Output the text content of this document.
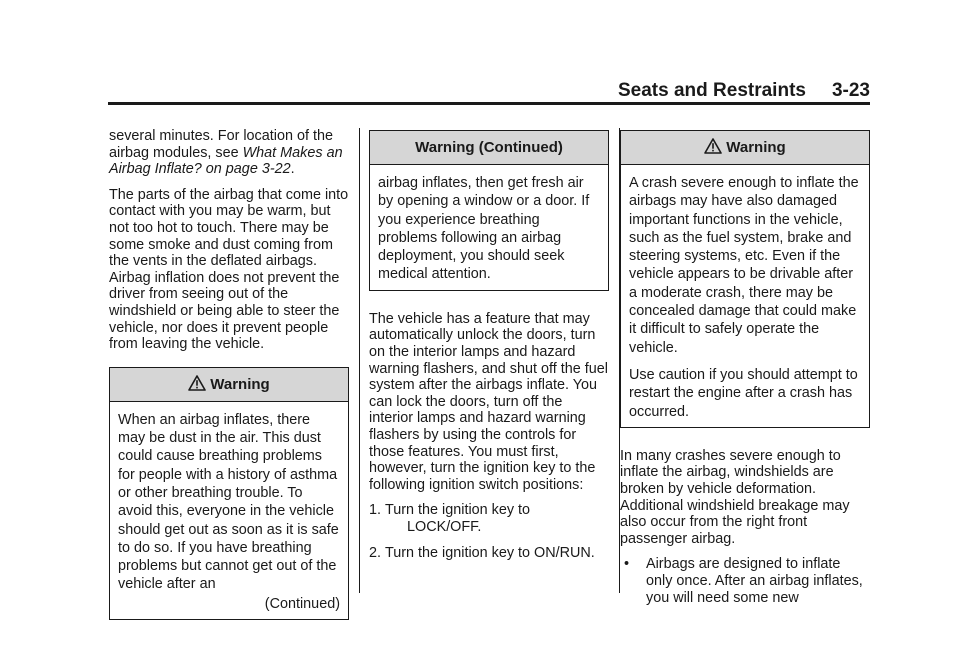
Seats and Restraints 3-23

several minutes. For location of the airbag modules, see What Makes an Airbag Inflate? on page 3-22.

The parts of the airbag that come into contact with you may be warm, but not too hot to touch. There may be some smoke and dust coming from the vents in the deflated airbags. Airbag inflation does not prevent the driver from seeing out of the windshield or being able to steer the vehicle, nor does it prevent people from leaving the vehicle.

Warning

When an airbag inflates, there may be dust in the air. This dust could cause breathing problems for people with a history of asthma or other breathing trouble. To avoid this, everyone in the vehicle should get out as soon as it is safe to do so. If you have breathing problems but cannot get out of the vehicle after an

(Continued)
Warning (Continued)

airbag inflates, then get fresh air by opening a window or a door. If you experience breathing problems following an airbag deployment, you should seek medical attention.

The vehicle has a feature that may automatically unlock the doors, turn on the interior lamps and hazard warning flashers, and shut off the fuel system after the airbags inflate. You can lock the doors, turn off the interior lamps and hazard warning flashers by using the controls for those features. You must first, however, turn the ignition key to the following ignition switch positions:

1. Turn the ignition key to
LOCK/OFF.
2. Turn the ignition key to ON/RUN.
Warning

A crash severe enough to inflate the airbags may have also damaged important functions in the vehicle, such as the fuel system, brake and steering systems, etc. Even if the vehicle appears to be drivable after a moderate crash, there may be concealed damage that could make it difficult to safely operate the vehicle.

Use caution if you should attempt to restart the engine after a crash has occurred.

In many crashes severe enough to inflate the airbag, windshields are broken by vehicle deformation. Additional windshield breakage may also occur from the right front passenger airbag.

•	Airbags are designed to inflate only once. After an airbag inflates, you will need some new
